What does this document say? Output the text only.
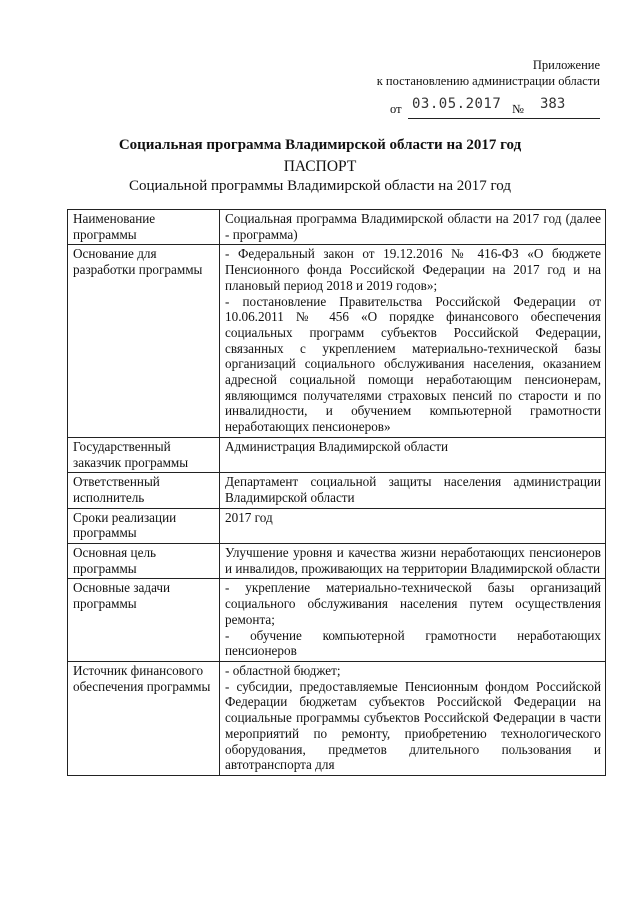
Приложение
к постановлению администрации области
от 03.05.2017 № 383
Социальная программа Владимирской области на 2017 год
ПАСПОРТ
Социальной программы Владимирской области на 2017 год
Наименование программы	Социальная программа Владимирской области на 2017 год (далее - программа)

Основание для разработки программы	- Федеральный закон от 19.12.2016 № 416-ФЗ «О бюджете Пенсионного фонда Российской Федерации на 2017 год и на плановый период 2018 и 2019 годов»;
- постановление Правительства Российской Федерации от 10.06.2011 № 456 «О порядке финансового обеспечения социальных программ субъектов Российской Федерации, связанных с укреплением материально-технической базы организаций социального обслуживания населения, оказанием адресной социальной помощи неработающим пенсионерам, являющимся получателями страховых пенсий по старости и по инвалидности, и обучением компьютерной грамотности неработающих пенсионеров»

Государственный заказчик программы	Администрация Владимирской области

Ответственный исполнитель	Департамент социальной защиты населения администрации Владимирской области

Сроки реализации программы	2017 год

Основная цель программы	Улучшение уровня и качества жизни неработающих пенсионеров и инвалидов, проживающих на территории Владимирской области

Основные задачи программы	- укрепление материально-технической базы организаций социального обслуживания населения путем осуществления ремонта;
- обучение компьютерной грамотности неработающих пенсионеров

Источник финансового обеспечения программы	- областной бюджет;
- субсидии, предоставляемые Пенсионным фондом Российской Федерации бюджетам субъектов Российской Федерации на социальные программы субъектов Российской Федерации в части мероприятий по ремонту, приобретению технологического оборудования, предметов длительного пользования и автотранспорта для
